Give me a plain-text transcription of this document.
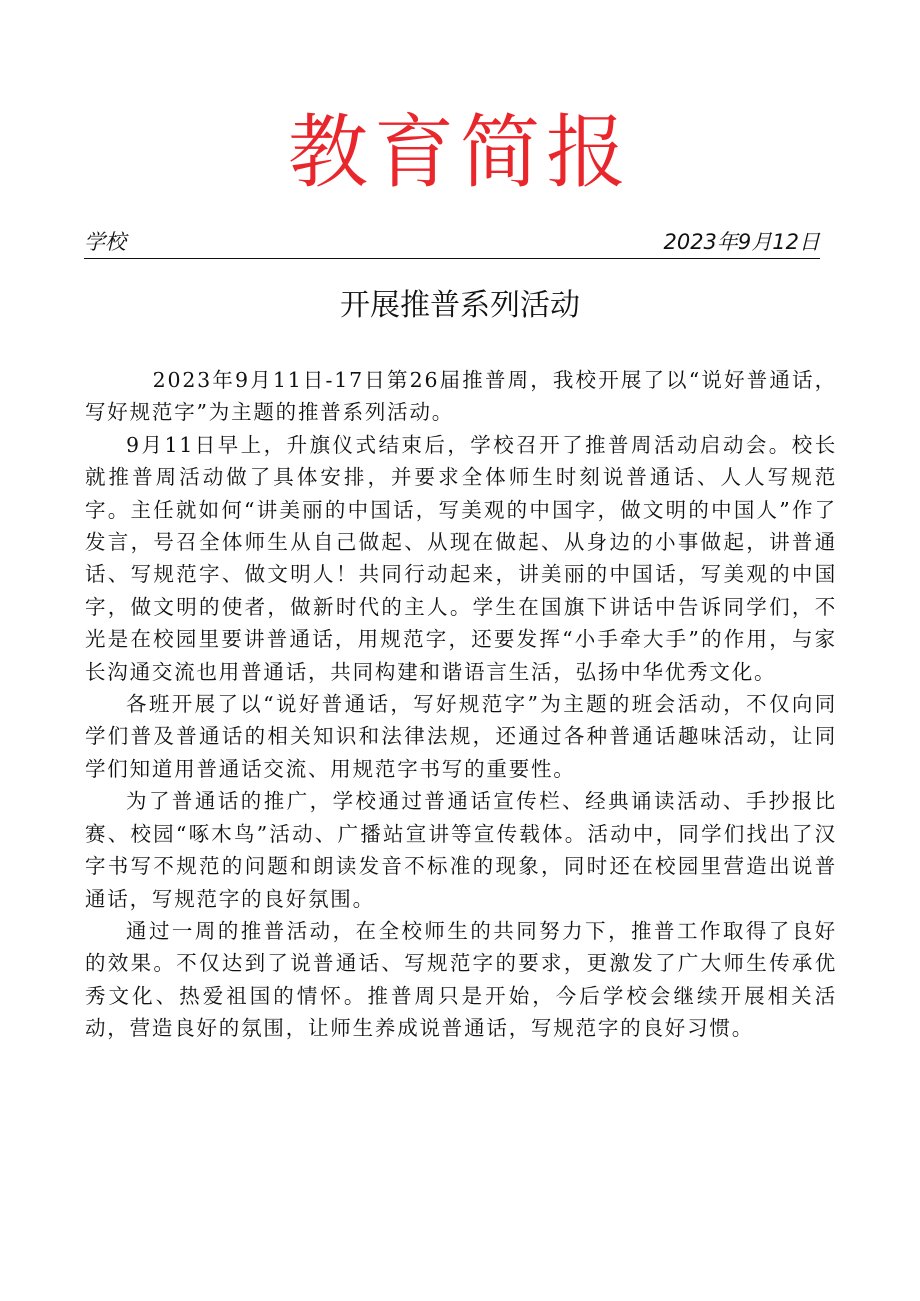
教育简报
学校	2023年9月12日
开展推普系列活动

2023年9月11日-17日第26届推普周，我校开展了以“说好普通话，写好规范字”为主题的推普系列活动。

9月11日早上，升旗仪式结束后，学校召开了推普周活动启动会。校长就推普周活动做了具体安排，并要求全体师生时刻说普通话、人人写规范字。主任就如何“讲美丽的中国话，写美观的中国字，做文明的中国人”作了发言，号召全体师生从自己做起、从现在做起、从身边的小事做起，讲普通话、写规范字、做文明人！共同行动起来，讲美丽的中国话，写美观的中国字，做文明的使者，做新时代的主人。学生在国旗下讲话中告诉同学们，不光是在校园里要讲普通话，用规范字，还要发挥“小手牵大手”的作用，与家长沟通交流也用普通话，共同构建和谐语言生活，弘扬中华优秀文化。

各班开展了以“说好普通话，写好规范字”为主题的班会活动，不仅向同学们普及普通话的相关知识和法律法规，还通过各种普通话趣味活动，让同学们知道用普通话交流、用规范字书写的重要性。

为了普通话的推广，学校通过普通话宣传栏、经典诵读活动、手抄报比赛、校园“啄木鸟”活动、广播站宣讲等宣传载体。活动中，同学们找出了汉字书写不规范的问题和朗读发音不标准的现象，同时还在校园里营造出说普通话，写规范字的良好氛围。

通过一周的推普活动，在全校师生的共同努力下，推普工作取得了良好的效果。不仅达到了说普通话、写规范字的要求，更激发了广大师生传承优秀文化、热爱祖国的情怀。推普周只是开始，今后学校会继续开展相关活动，营造良好的氛围，让师生养成说普通话，写规范字的良好习惯。
